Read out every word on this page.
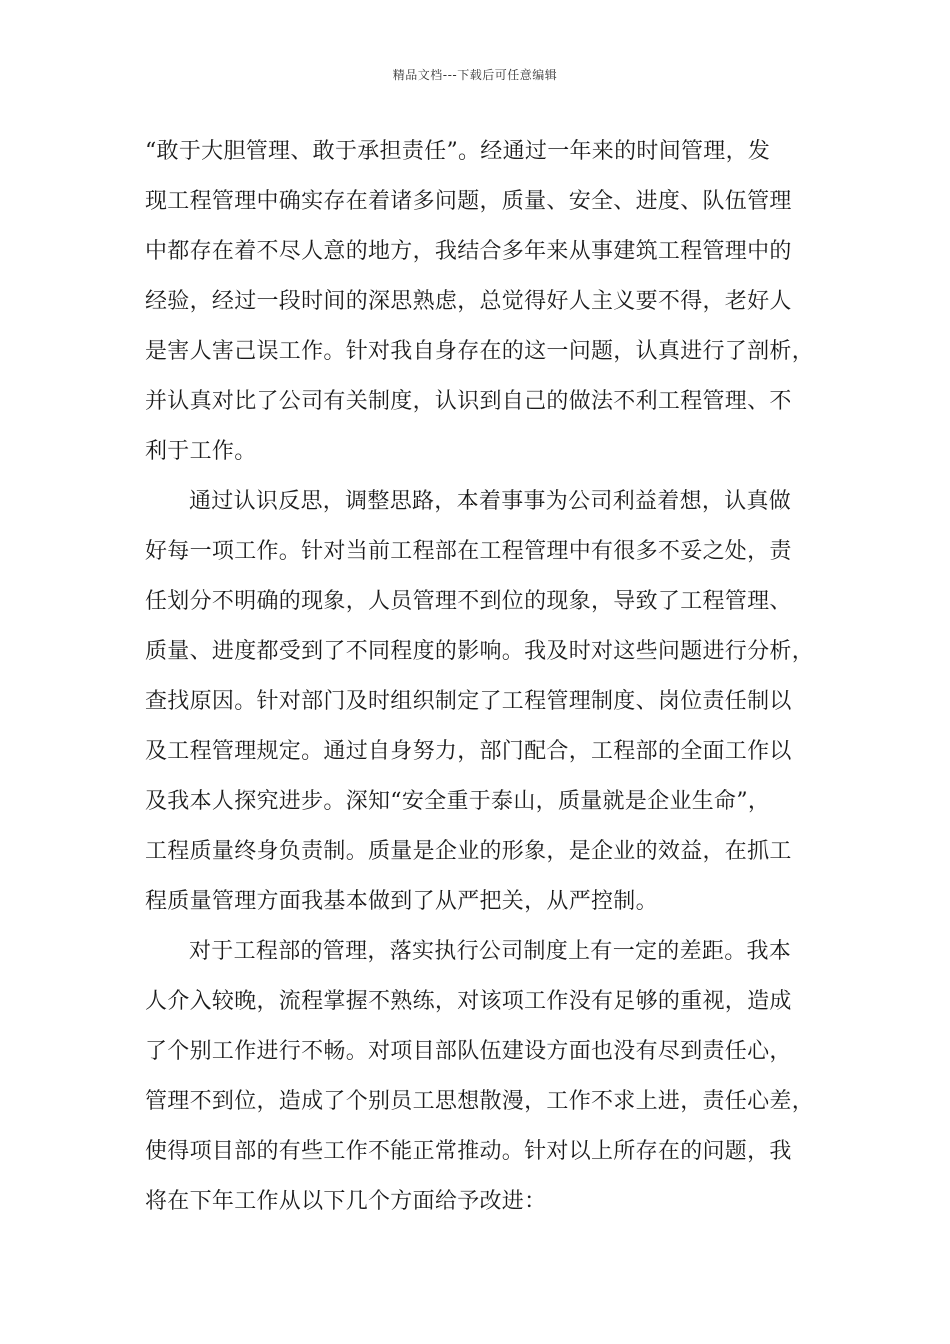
精品文档---下载后可任意编辑
“敢于大胆管理、敢于承担责任”。经通过一年来的时间管理，发
现工程管理中确实存在着诸多问题，质量、安全、进度、队伍管理
中都存在着不尽人意的地方，我结合多年来从事建筑工程管理中的
经验，经过一段时间的深思熟虑，总觉得好人主义要不得，老好人
是害人害己误工作。针对我自身存在的这一问题，认真进行了剖析，
并认真对比了公司有关制度，认识到自己的做法不利工程管理、不
利于工作。
通过认识反思，调整思路，本着事事为公司利益着想，认真做
好每一项工作。针对当前工程部在工程管理中有很多不妥之处，责
任划分不明确的现象，人员管理不到位的现象，导致了工程管理、
质量、进度都受到了不同程度的影响。我及时对这些问题进行分析，
查找原因。针对部门及时组织制定了工程管理制度、岗位责任制以
及工程管理规定。通过自身努力，部门配合，工程部的全面工作以
及我本人探究进步。深知“安全重于泰山，质量就是企业生命”，
工程质量终身负责制。质量是企业的形象，是企业的效益，在抓工
程质量管理方面我基本做到了从严把关，从严控制。
对于工程部的管理，落实执行公司制度上有一定的差距。我本
人介入较晚，流程掌握不熟练，对该项工作没有足够的重视，造成
了个别工作进行不畅。对项目部队伍建设方面也没有尽到责任心，
管理不到位，造成了个别员工思想散漫，工作不求上进，责任心差，
使得项目部的有些工作不能正常推动。针对以上所存在的问题，我
将在下年工作从以下几个方面给予改进：
